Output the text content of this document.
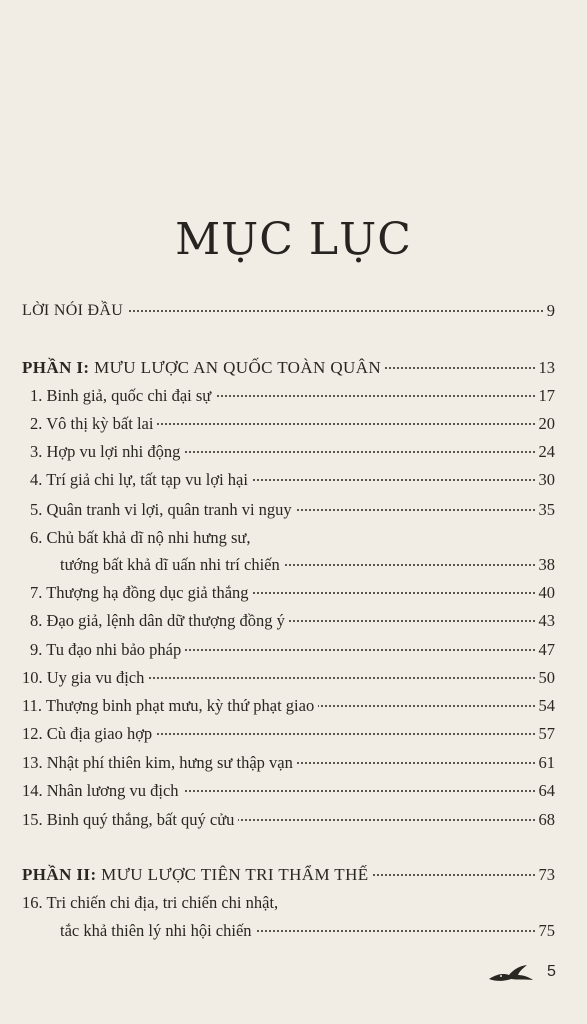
MỤC LỤC
LỜI NÓI ĐẦU	9
PHẦN I: MƯU LƯỢC AN QUỐC TOÀN QUÂN	13
1. Binh giả, quốc chi đại sự	17
2. Vô thị kỳ bất lai	20
3. Hợp vu lợi nhi động	24
4. Trí giả chi lự, tất tạp vu lợi hại	30
5. Quân tranh vi lợi, quân tranh vi nguy	35
6. Chủ bất khả dĩ nộ nhi hưng sư,
tướng bất khả dĩ uấn nhi trí chiến	38
7. Thượng hạ đồng dục giả thắng	40
8. Đạo giả, lệnh dân dữ thượng đồng ý	43
9. Tu đạo nhi bảo pháp	47
10. Uy gia vu địch	50
11. Thượng binh phạt mưu, kỳ thứ phạt giao	54
12. Cù địa giao hợp	57
13. Nhật phí thiên kim, hưng sư thập vạn	61
14. Nhân lương vu địch	64
15. Binh quý thắng, bất quý cửu	68
PHẦN II: MƯU LƯỢC TIÊN TRI THẨM THẾ	73
16. Tri chiến chi địa, tri chiến chi nhật,
tắc khả thiên lý nhi hội chiến	75
5
